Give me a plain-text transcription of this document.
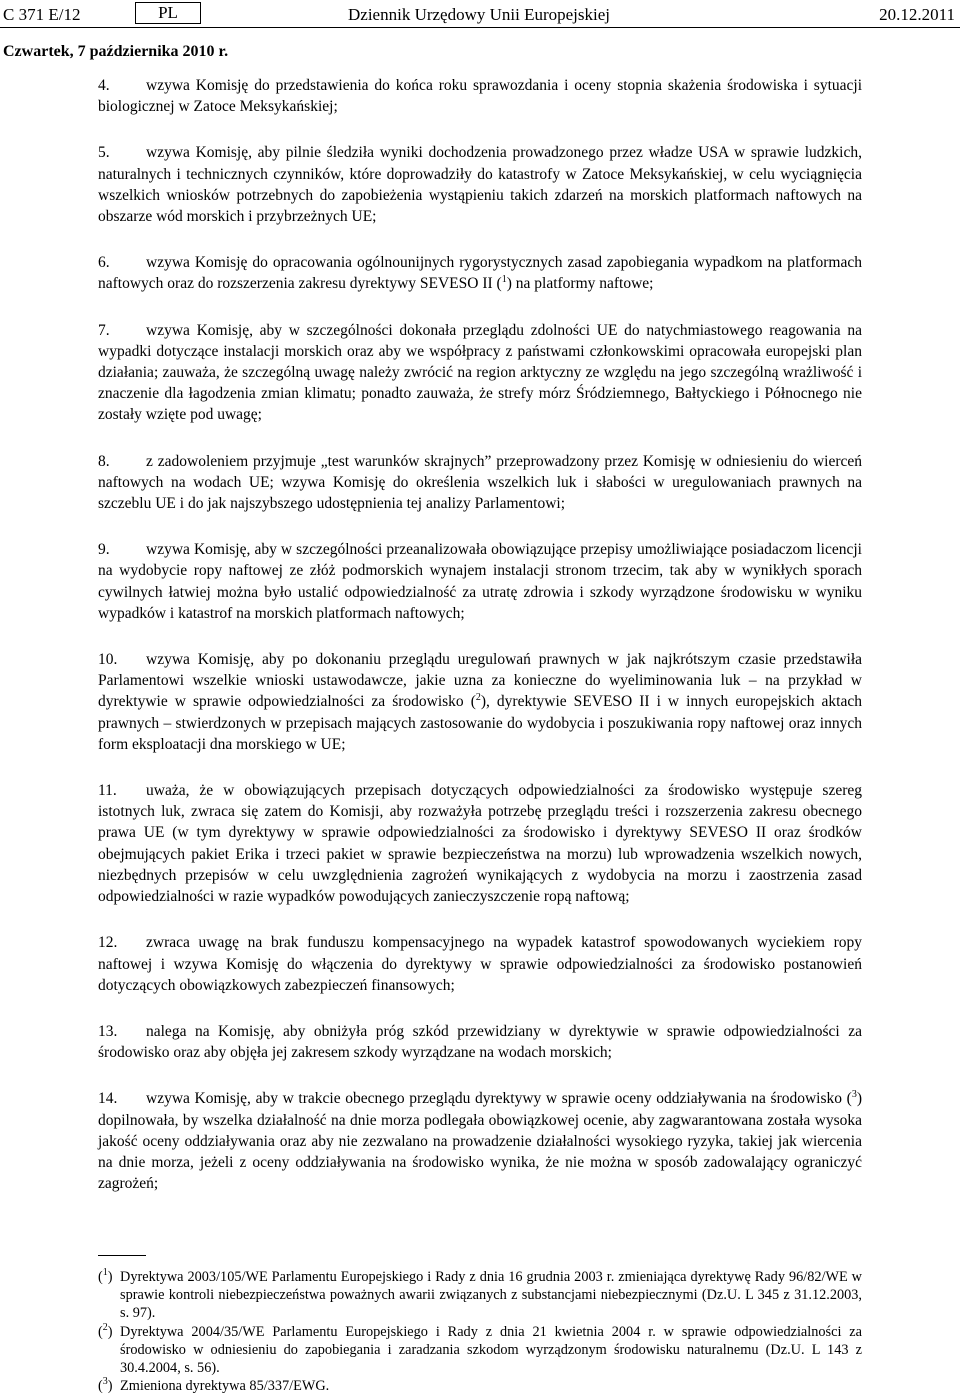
C 371 E/12	PL	Dziennik Urzędowy Unii Europejskiej	20.12.2011
Czwartek, 7 października 2010 r.

4. wzywa Komisję do przedstawienia do końca roku sprawozdania i oceny stopnia skażenia środowiska i sytuacji biologicznej w Zatoce Meksykańskiej;

5. wzywa Komisję, aby pilnie śledziła wyniki dochodzenia prowadzonego przez władze USA w sprawie ludzkich, naturalnych i technicznych czynników, które doprowadziły do katastrofy w Zatoce Meksykańskiej, w celu wyciągnięcia wszelkich wniosków potrzebnych do zapobieżenia wystąpieniu takich zdarzeń na morskich platformach naftowych na obszarze wód morskich i przybrzeżnych UE;

6. wzywa Komisję do opracowania ogólnounijnych rygorystycznych zasad zapobiegania wypadkom na platformach naftowych oraz do rozszerzenia zakresu dyrektywy SEVESO II ($^1$) na platformy naftowe;

7. wzywa Komisję, aby w szczególności dokonała przeglądu zdolności UE do natychmiastowego reagowania na wypadki dotyczące instalacji morskich oraz aby we współpracy z państwami członkowskimi opracowała europejski plan działania; zauważa, że szczególną uwagę należy zwrócić na region arktyczny ze względu na jego szczególną wrażliwość i znaczenie dla łagodzenia zmian klimatu; ponadto zauważa, że strefy mórz Śródziemnego, Bałtyckiego i Północnego nie zostały wzięte pod uwagę;

8. z zadowoleniem przyjmuje „test warunków skrajnych” przeprowadzony przez Komisję w odniesieniu do wierceń naftowych na wodach UE; wzywa Komisję do określenia wszelkich luk i słabości w uregulowaniach prawnych na szczeblu UE i do jak najszybszego udostępnienia tej analizy Parlamentowi;

9. wzywa Komisję, aby w szczególności przeanalizowała obowiązujące przepisy umożliwiające posiadaczom licencji na wydobycie ropy naftowej ze złóż podmorskich wynajem instalacji stronom trzecim, tak aby w wynikłych sporach cywilnych łatwiej można było ustalić odpowiedzialność za utratę zdrowia i szkody wyrządzone środowisku w wyniku wypadków i katastrof na morskich platformach naftowych;

10. wzywa Komisję, aby po dokonaniu przeglądu uregulowań prawnych w jak najkrótszym czasie przedstawiła Parlamentowi wszelkie wnioski ustawodawcze, jakie uzna za konieczne do wyeliminowania luk – na przykład w dyrektywie w sprawie odpowiedzialności za środowisko ($^2$), dyrektywie SEVESO II i w innych europejskich aktach prawnych – stwierdzonych w przepisach mających zastosowanie do wydobycia i poszukiwania ropy naftowej oraz innych form eksploatacji dna morskiego w UE;

11. uważa, że w obowiązujących przepisach dotyczących odpowiedzialności za środowisko występuje szereg istotnych luk, zwraca się zatem do Komisji, aby rozważyła potrzebę przeglądu treści i rozszerzenia zakresu obecnego prawa UE (w tym dyrektywy w sprawie odpowiedzialności za środowisko i dyrektywy SEVESO II oraz środków obejmujących pakiet Erika i trzeci pakiet w sprawie bezpieczeństwa na morzu) lub wprowadzenia wszelkich nowych, niezbędnych przepisów w celu uwzględnienia zagrożeń wynikających z wydobycia na morzu i zaostrzenia zasad odpowiedzialności w razie wypadków powodujących zanieczyszczenie ropą naftową;

12. zwraca uwagę na brak funduszu kompensacyjnego na wypadek katastrof spowodowanych wyciekiem ropy naftowej i wzywa Komisję do włączenia do dyrektywy w sprawie odpowiedzialności za środowisko postanowień dotyczących obowiązkowych zabezpieczeń finansowych;

13. nalega na Komisję, aby obniżyła próg szkód przewidziany w dyrektywie w sprawie odpowiedzialności za środowisko oraz aby objęła jej zakresem szkody wyrządzane na wodach morskich;

14. wzywa Komisję, aby w trakcie obecnego przeglądu dyrektywy w sprawie oceny oddziaływania na środowisko ($^3$) dopilnowała, by wszelka działalność na dnie morza podlegała obowiązkowej ocenie, aby zagwarantowana została wysoka jakość oceny oddziaływania oraz aby nie zezwalano na prowadzenie działalności wysokiego ryzyka, takiej jak wiercenia na dnie morza, jeżeli z oceny oddziaływania na środowisko wynika, że nie można w sposób zadowalający ograniczyć zagrożeń;

($^1$) Dyrektywa 2003/105/WE Parlamentu Europejskiego i Rady z dnia 16 grudnia 2003 r. zmieniająca dyrektywę Rady 96/82/WE w sprawie kontroli niebezpieczeństwa poważnych awarii związanych z substancjami niebezpiecznymi (Dz.U. L 345 z 31.12.2003, s. 97).
($^2$) Dyrektywa 2004/35/WE Parlamentu Europejskiego i Rady z dnia 21 kwietnia 2004 r. w sprawie odpowiedzialności za środowisko w odniesieniu do zapobiegania i zaradzania szkodom wyrządzonym środowisku naturalnemu (Dz.U. L 143 z 30.4.2004, s. 56).
($^3$) Zmieniona dyrektywa 85/337/EWG.
